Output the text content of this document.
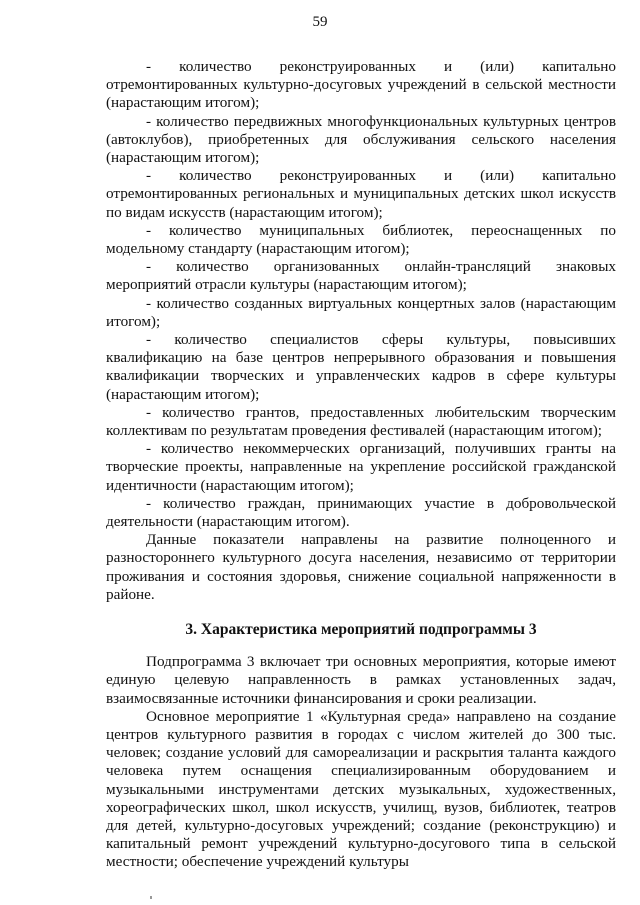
59

- количество реконструированных и (или) капитально отремонтированных культурно-досуговых учреждений в сельской местности (нарастающим итогом);

- количество передвижных многофункциональных культурных центров (автоклубов), приобретенных для обслуживания сельского населения (нарастающим итогом);

- количество реконструированных и (или) капитально отремонтированных региональных и муниципальных детских школ искусств по видам искусств (нарастающим итогом);

- количество муниципальных библиотек, переоснащенных по модельному стандарту (нарастающим итогом);

- количество организованных онлайн-трансляций знаковых мероприятий отрасли культуры (нарастающим итогом);

- количество созданных виртуальных концертных залов (нарастающим итогом);

- количество специалистов сферы культуры, повысивших квалификацию на базе центров непрерывного образования и повышения квалификации творческих и управленческих кадров в сфере культуры (нарастающим итогом);

- количество грантов, предоставленных любительским творческим коллективам по результатам проведения фестивалей (нарастающим итогом);

- количество некоммерческих организаций, получивших гранты на творческие проекты, направленные на укрепление российской гражданской идентичности (нарастающим итогом);

- количество граждан, принимающих участие в добровольческой деятельности (нарастающим итогом).

Данные показатели направлены на развитие полноценного и разностороннего культурного досуга населения, независимо от территории проживания и состояния здоровья, снижение социальной напряженности в районе.

3. Характеристика мероприятий подпрограммы 3

Подпрограмма 3 включает три основных мероприятия, которые имеют единую целевую направленность в рамках установленных задач, взаимосвязанные источники финансирования и сроки реализации.

Основное мероприятие 1 «Культурная среда» направлено на создание центров культурного развития в городах с числом жителей до 300 тыс. человек; создание условий для самореализации и раскрытия таланта каждого человека путем оснащения специализированным оборудованием и музыкальными инструментами детских музыкальных, художественных, хореографических школ, школ искусств, училищ, вузов, библиотек, театров для детей, культурно-досуговых учреждений; создание (реконструкцию) и капитальный ремонт учреждений культурно-досугового типа в сельской местности; обеспечение учреждений культуры
